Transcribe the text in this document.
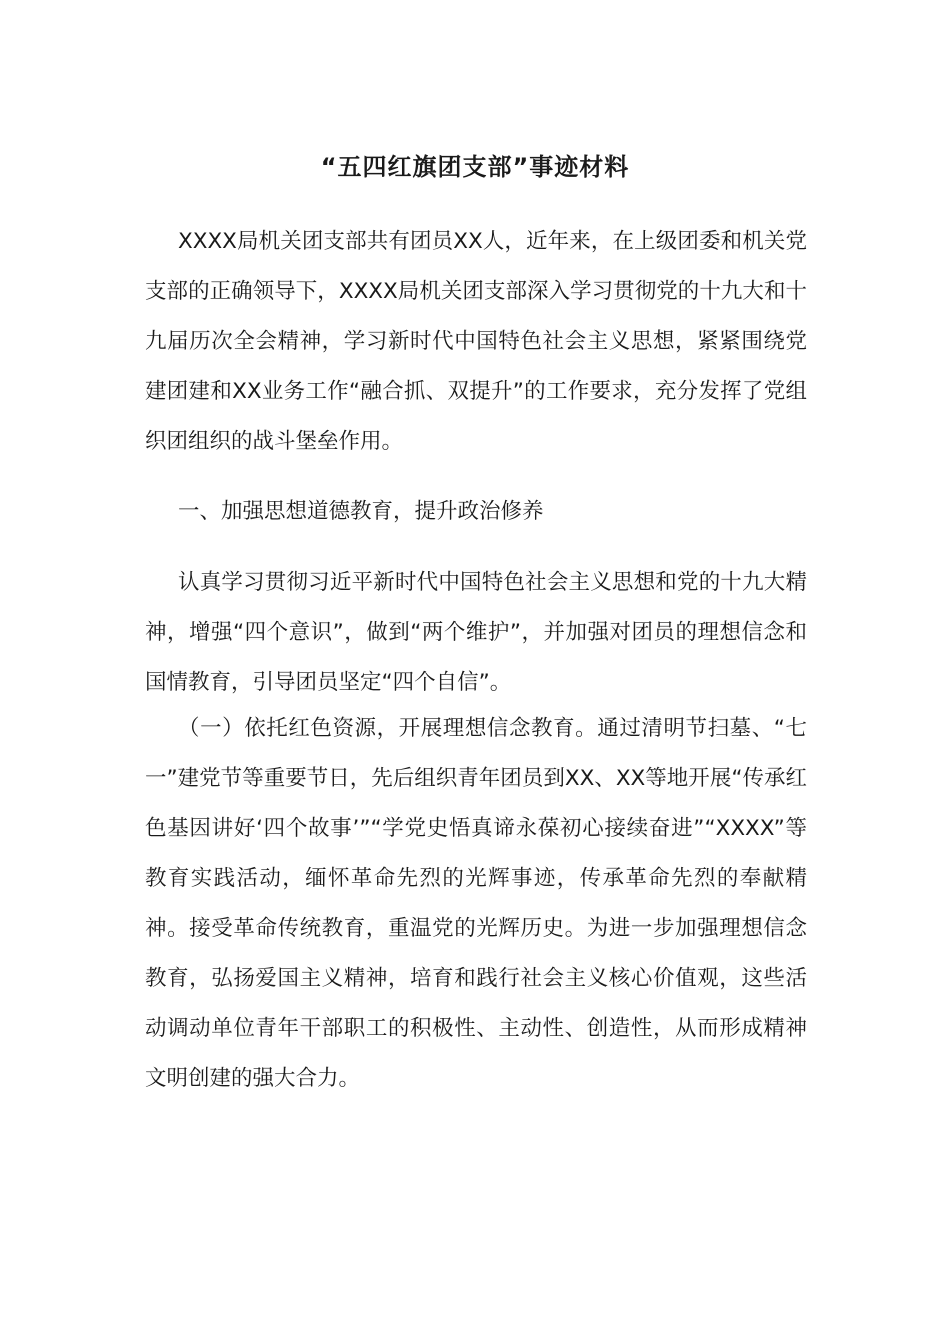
“五四红旗团支部”事迹材料

XXXX局机关团支部共有团员XX人，近年来，在上级团委和机关党支部的正确领导下，XXXX局机关团支部深入学习贯彻党的十九大和十九届历次全会精神，学习新时代中国特色社会主义思想，紧紧围绕党建团建和XX业务工作“融合抓、双提升”的工作要求，充分发挥了党组织团组织的战斗堡垒作用。

一、加强思想道德教育，提升政治修养

认真学习贯彻习近平新时代中国特色社会主义思想和党的十九大精神，增强“四个意识”，做到“两个维护”，并加强对团员的理想信念和国情教育，引导团员坚定“四个自信”。

（一）依托红色资源，开展理想信念教育。通过清明节扫墓、“七一”建党节等重要节日，先后组织青年团员到XX、XX等地开展“传承红色基因讲好‘四个故事’”“学党史悟真谛永葆初心接续奋进”“XXXX”等教育实践活动，缅怀革命先烈的光辉事迹，传承革命先烈的奉献精神。接受革命传统教育，重温党的光辉历史。为进一步加强理想信念教育，弘扬爱国主义精神，培育和践行社会主义核心价值观，这些活动调动单位青年干部职工的积极性、主动性、创造性，从而形成精神文明创建的强大合力。
